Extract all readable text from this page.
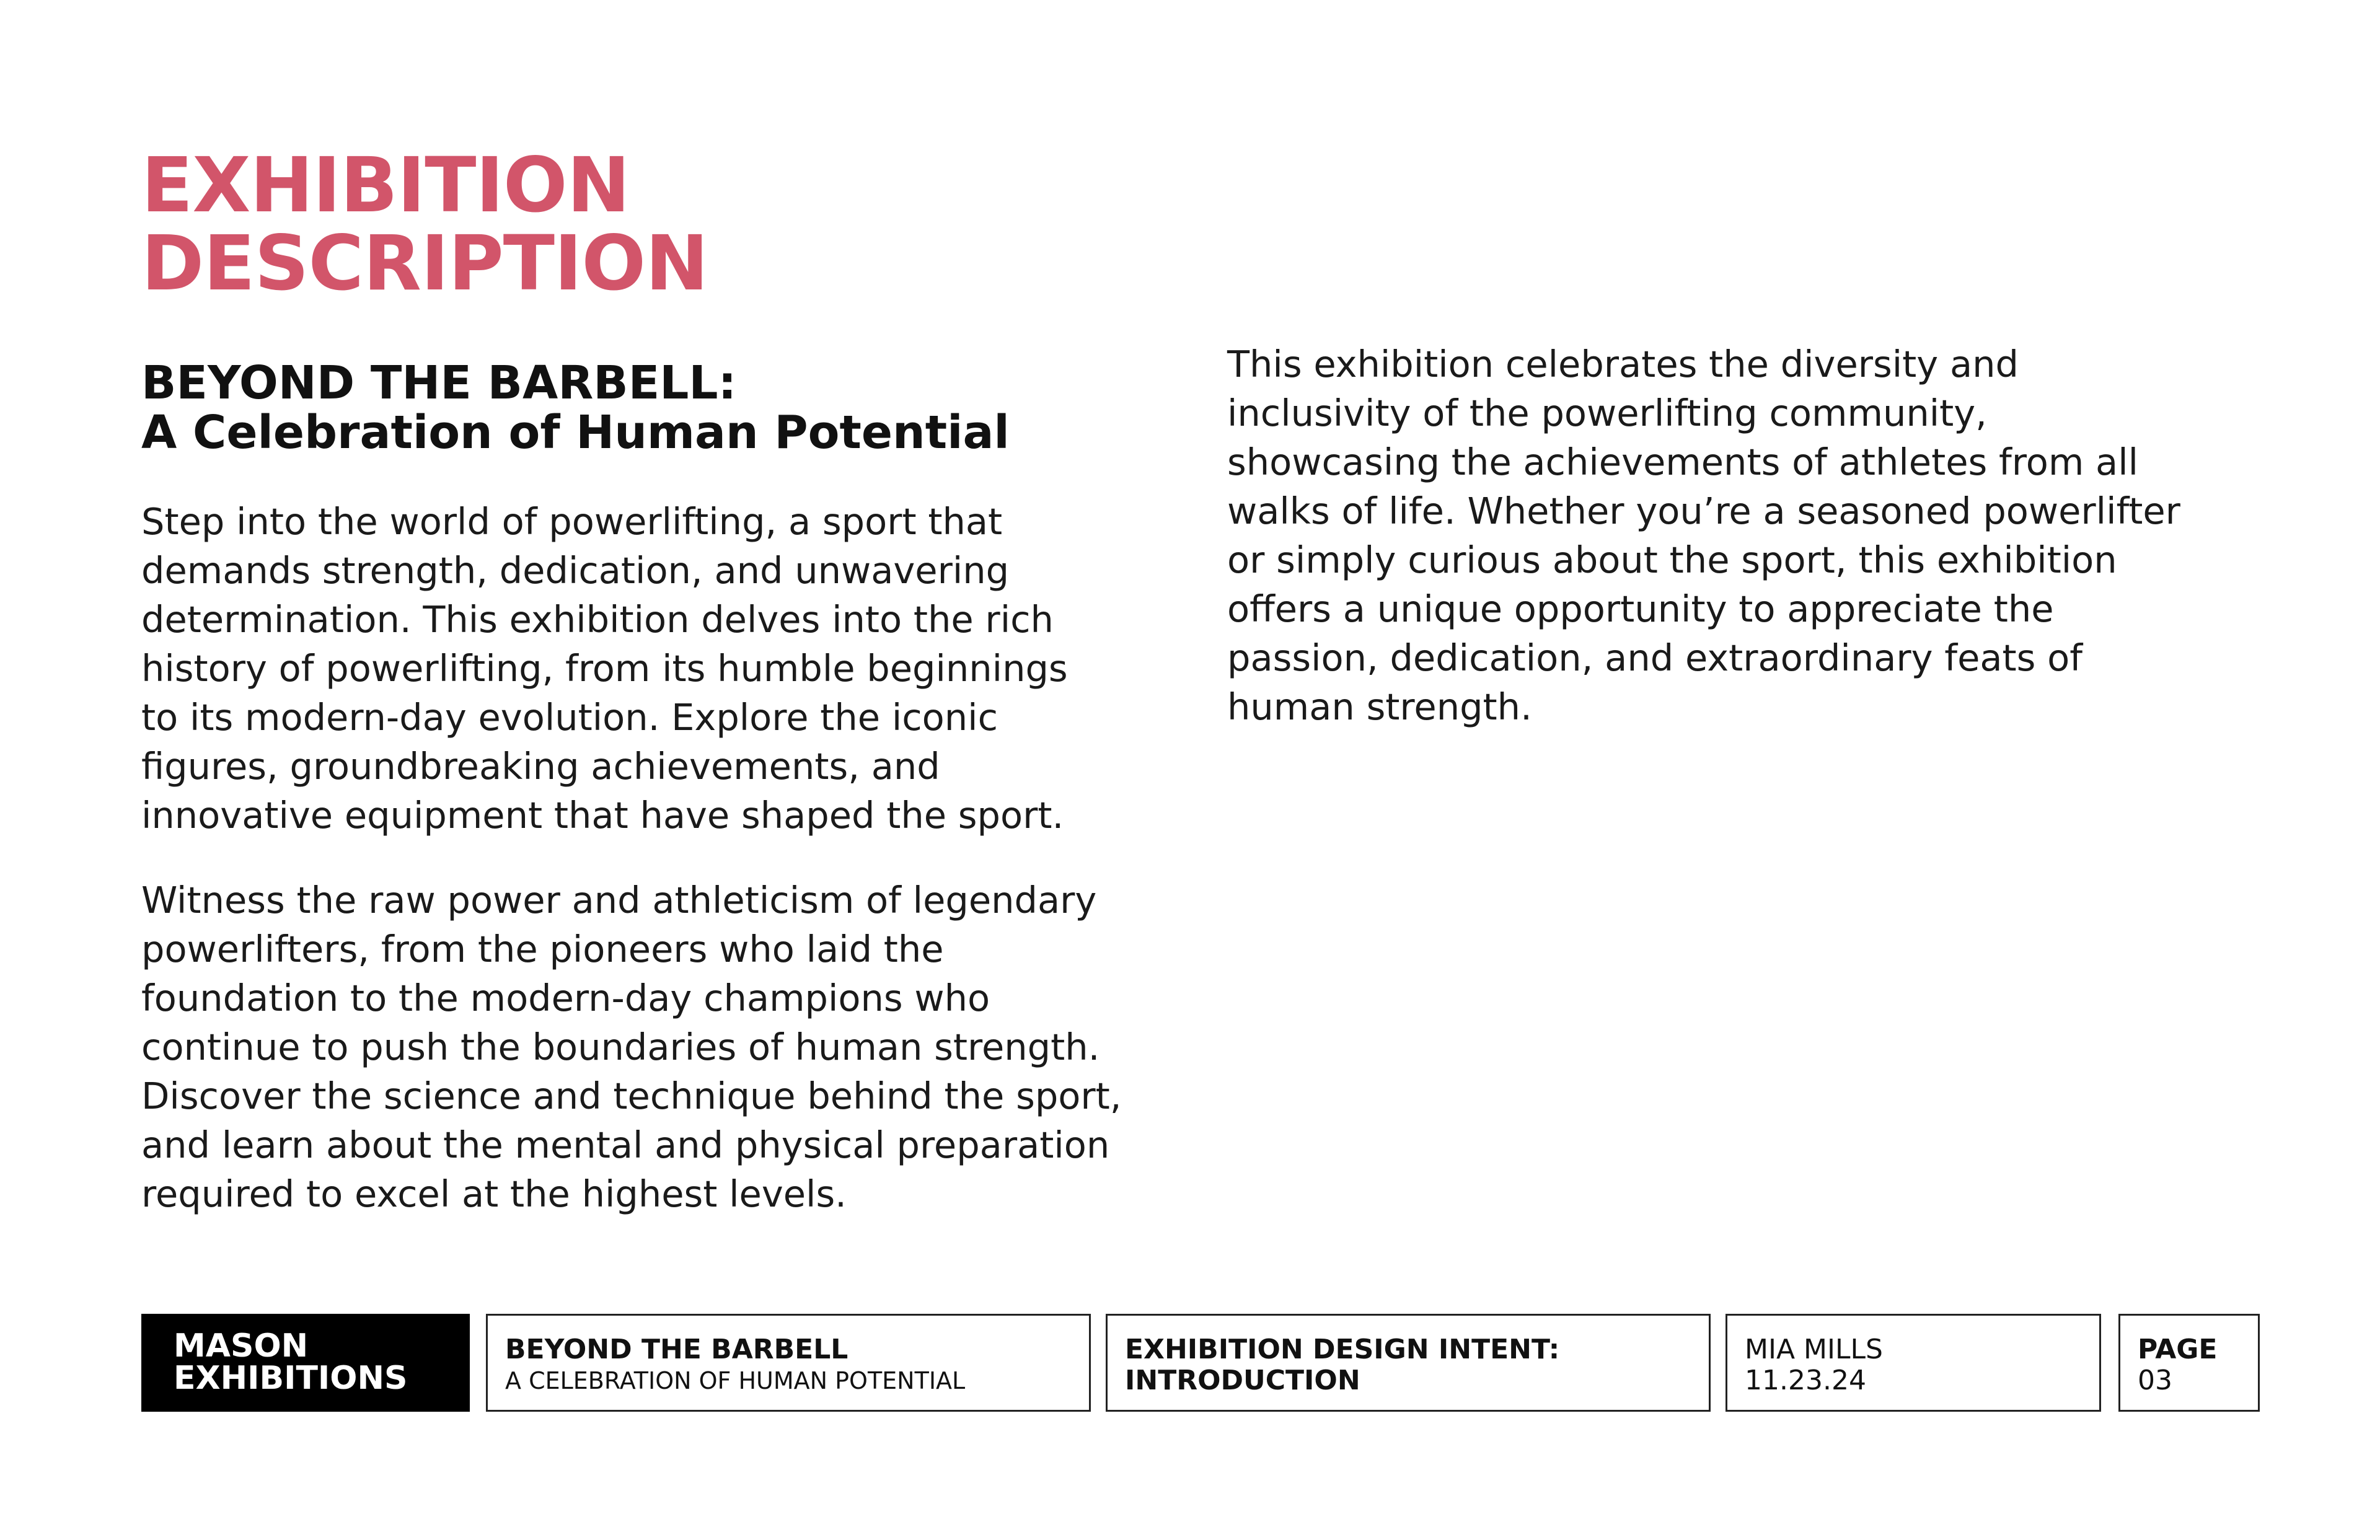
EXHIBITION
DESCRIPTION
BEYOND THE BARBELL:
A Celebration of Human Potential

Step into the world of powerlifting, a sport that
demands strength, dedication, and unwavering
determination. This exhibition delves into the rich
history of powerlifting, from its humble beginnings
to its modern-day evolution. Explore the iconic
figures, groundbreaking achievements, and
innovative equipment that have shaped the sport.

Witness the raw power and athleticism of legendary
powerlifters, from the pioneers who laid the
foundation to the modern-day champions who
continue to push the boundaries of human strength.
Discover the science and technique behind the sport,
and learn about the mental and physical preparation
required to excel at the highest levels.

This exhibition celebrates the diversity and
inclusivity of the powerlifting community,
showcasing the achievements of athletes from all
walks of life. Whether you’re a seasoned powerlifter
or simply curious about the sport, this exhibition
offers a unique opportunity to appreciate the
passion, dedication, and extraordinary feats of
human strength.

MASON
EXHIBITIONS
BEYOND THE BARBELL
A CELEBRATION OF HUMAN POTENTIAL
EXHIBITION DESIGN INTENT:
INTRODUCTION
MIA MILLS
11.23.24
PAGE
03
